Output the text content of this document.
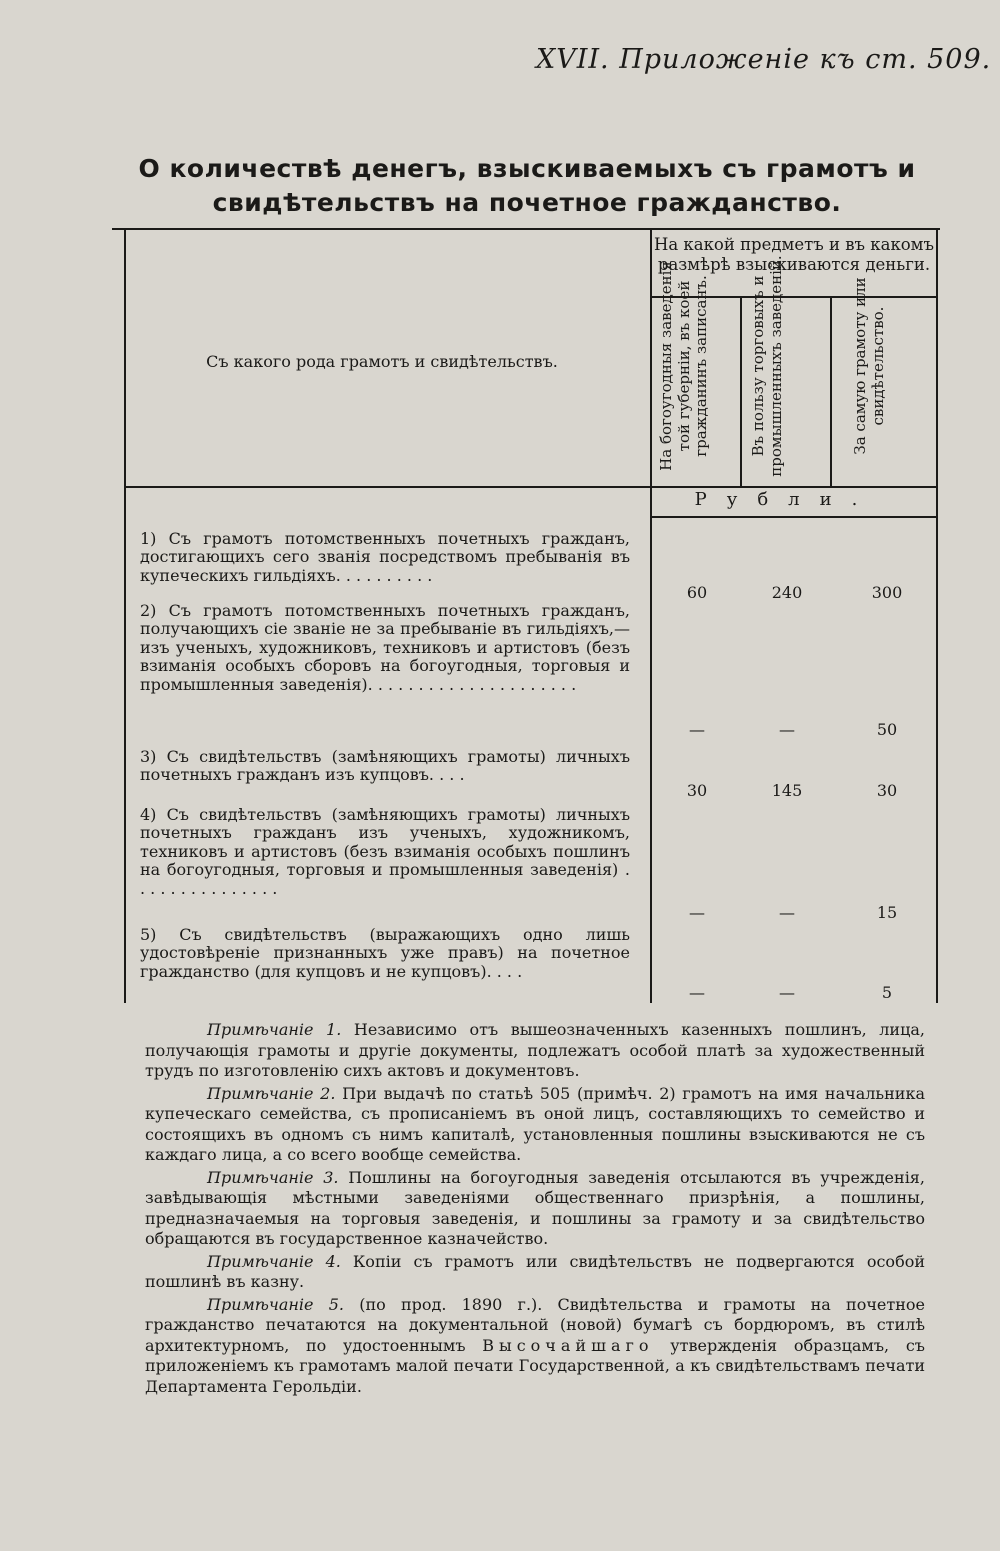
XVII. Приложенiе къ ст. 509.
О количествѣ денегъ, взыскиваемыхъ съ грамотъ и свидѣтельствъ на почетное гражданство.
На какой предметъ и въ какомъ размѣрѣ взыскиваются деньги.
Съ какого рода грамотъ и свидѣтельствъ.	На богоугодныя заведенiя той губернiи, въ коей гражданинъ записанъ.	Въ пользу торговыхъ и промышленныхъ заведенiй.	За самую грамоту или свидѣтельство.
Рубли.
1) Съ грамотъ потомственныхъ почетныхъ гражданъ, достигающихъ сего званiя посредствомъ пребыванiя въ купеческихъ гильдiяхъ. . . . . . . . . .
60	240	300
2) Съ грамотъ потомственныхъ почетныхъ гражданъ, получающихъ сiе званiе не за пребыванiе въ гильдiяхъ,—изъ ученыхъ, художниковъ, техниковъ и артистовъ (безъ взиманiя особыхъ сборовъ на богоугодныя, торговыя и промышленныя заведенiя). . . . . . . . . . . . . . . . . . . . .
—	—	50
3) Съ свидѣтельствъ (замѣняющихъ грамоты) личныхъ почетныхъ гражданъ изъ купцовъ. . . .
30	145	30
4) Съ свидѣтельствъ (замѣняющихъ грамоты) личныхъ почетныхъ гражданъ изъ ученыхъ, художникомъ, техниковъ и артистовъ (безъ взиманiя особыхъ пошлинъ на богоугодныя, торговыя и промышленныя заведенiя) . . . . . . . . . . . . . . .
—	—	15
5) Съ свидѣтельствъ (выражающихъ одно лишь удостовѣренiе признанныхъ уже правъ) на почетное гражданство (для купцовъ и не купцовъ). . . .
—	—	5

Примѣчанiе 1. Независимо отъ вышеозначенныхъ казенныхъ пошлинъ, лица, получающiя грамоты и другiе документы, подлежатъ особой платѣ за художественный трудъ по изготовленiю сихъ актовъ и документовъ.

Примѣчанiе 2. При выдачѣ по статьѣ 505 (примѣч. 2) грамотъ на имя начальника купеческаго семейства, съ прописанiемъ въ оной лицъ, составляющихъ то семейство и состоящихъ въ одномъ съ нимъ капиталѣ, установленныя пошлины взыскиваются не съ каждаго лица, а со всего вообще семейства.

Примѣчанiе 3. Пошлины на богоугодныя заведенiя отсылаются въ учрежденiя, завѣдывающiя мѣстными заведенiями общественнаго призрѣнiя, а пошлины, предназначаемыя на торговыя заведенiя, и пошлины за грамоту и за свидѣтельство обращаются въ государственное казначейство.

Примѣчанiе 4. Копiи съ грамотъ или свидѣтельствъ не подвергаются особой пошлинѣ въ казну.

Примѣчанiе 5. (по прод. 1890 г.). Свидѣтельства и грамоты на почетное гражданство печатаются на документальной (новой) бумагѣ съ бордюромъ, въ стилѣ архитектурномъ, по удостоеннымъ Высочайшаго утвержденiя образцамъ, съ приложенiемъ къ грамотамъ малой печати Государственной, а къ свидѣтельствамъ печати Департамента Герольдiи.
